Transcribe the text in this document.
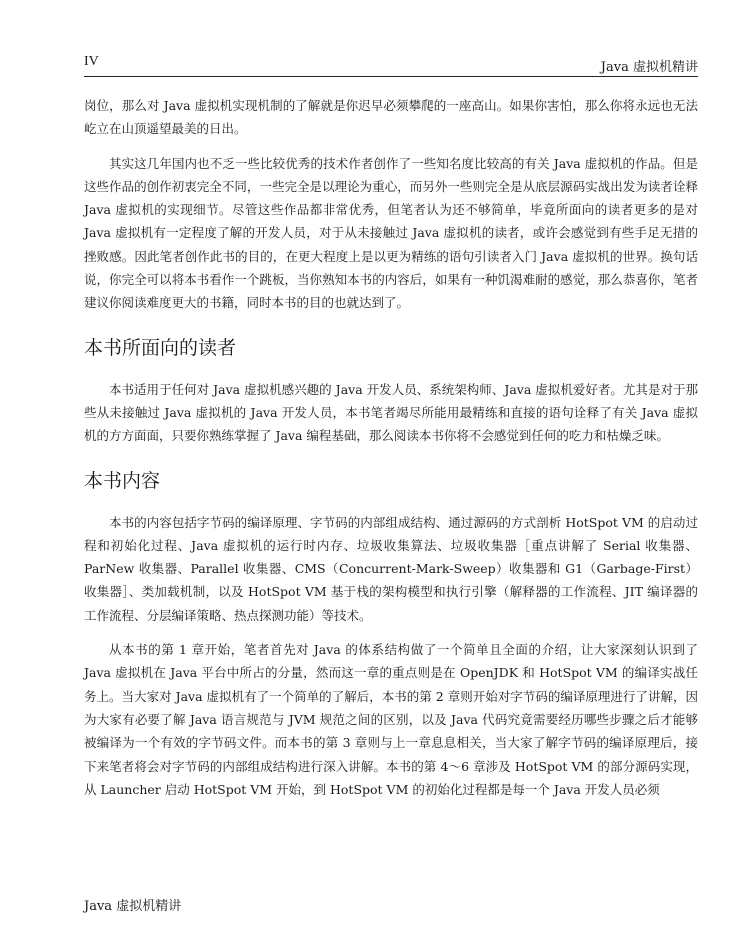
IV	Java 虚拟机精讲

岗位，那么对 Java 虚拟机实现机制的了解就是你迟早必须攀爬的一座高山。如果你害怕，那么你将永远也无法屹立在山顶遥望最美的日出。

其实这几年国内也不乏一些比较优秀的技术作者创作了一些知名度比较高的有关 Java 虚拟机的作品。但是这些作品的创作初衷完全不同，一些完全是以理论为重心，而另外一些则完全是从底层源码实战出发为读者诠释 Java 虚拟机的实现细节。尽管这些作品都非常优秀，但笔者认为还不够简单，毕竟所面向的读者更多的是对 Java 虚拟机有一定程度了解的开发人员，对于从未接触过 Java 虚拟机的读者，或许会感觉到有些手足无措的挫败感。因此笔者创作此书的目的，在更大程度上是以更为精练的语句引读者入门 Java 虚拟机的世界。换句话说，你完全可以将本书看作一个跳板，当你熟知本书的内容后，如果有一种饥渴难耐的感觉，那么恭喜你，笔者建议你阅读难度更大的书籍，同时本书的目的也就达到了。

本书所面向的读者

本书适用于任何对 Java 虚拟机感兴趣的 Java 开发人员、系统架构师、Java 虚拟机爱好者。尤其是对于那些从未接触过 Java 虚拟机的 Java 开发人员，本书笔者竭尽所能用最精练和直接的语句诠释了有关 Java 虚拟机的方方面面，只要你熟练掌握了 Java 编程基础，那么阅读本书你将不会感觉到任何的吃力和枯燥乏味。

本书内容

本书的内容包括字节码的编译原理、字节码的内部组成结构、通过源码的方式剖析 HotSpot VM 的启动过程和初始化过程、Java 虚拟机的运行时内存、垃圾收集算法、垃圾收集器［重点讲解了 Serial 收集器、ParNew 收集器、Parallel 收集器、CMS（Concurrent-Mark-Sweep）收集器和 G1（Garbage-First）收集器］、类加载机制，以及 HotSpot VM 基于栈的架构模型和执行引擎（解释器的工作流程、JIT 编译器的工作流程、分层编译策略、热点探测功能）等技术。

从本书的第 1 章开始，笔者首先对 Java 的体系结构做了一个简单且全面的介绍，让大家深刻认识到了 Java 虚拟机在 Java 平台中所占的分量，然而这一章的重点则是在 OpenJDK 和 HotSpot VM 的编译实战任务上。当大家对 Java 虚拟机有了一个简单的了解后，本书的第 2 章则开始对字节码的编译原理进行了讲解，因为大家有必要了解 Java 语言规范与 JVM 规范之间的区别，以及 Java 代码究竟需要经历哪些步骤之后才能够被编译为一个有效的字节码文件。而本书的第 3 章则与上一章息息相关，当大家了解字节码的编译原理后，接下来笔者将会对字节码的内部组成结构进行深入讲解。本书的第 4～6 章涉及 HotSpot VM 的部分源码实现，从 Launcher 启动 HotSpot VM 开始，到 HotSpot VM 的初始化过程都是每一个 Java 开发人员必须

Java 虚拟机精讲
